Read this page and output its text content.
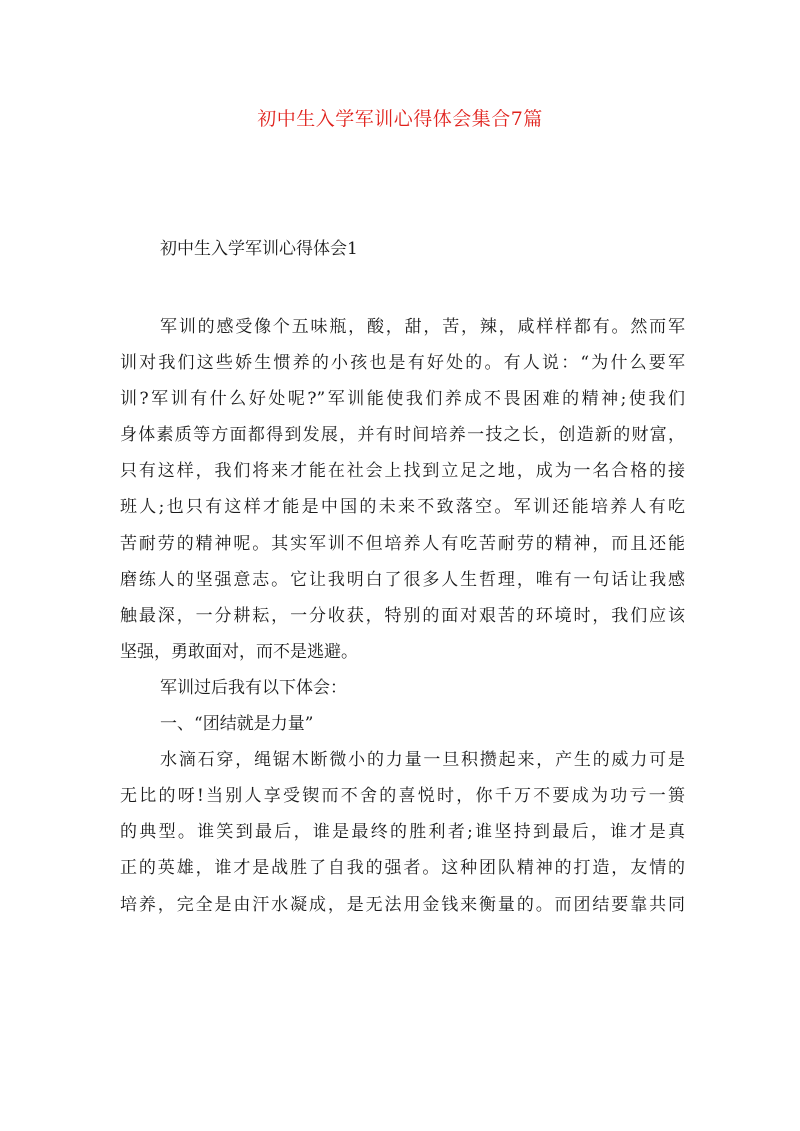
初中生入学军训心得体会集合7篇
初中生入学军训心得体会1
军训的感受像个五味瓶，酸，甜，苦，辣，咸样样都有。然而军
训对我们这些娇生惯养的小孩也是有好处的。有人说：“为什么要军
训?军训有什么好处呢?”军训能使我们养成不畏困难的精神;使我们
身体素质等方面都得到发展，并有时间培养一技之长，创造新的财富，
只有这样，我们将来才能在社会上找到立足之地，成为一名合格的接
班人;也只有这样才能是中国的未来不致落空。军训还能培养人有吃
苦耐劳的精神呢。其实军训不但培养人有吃苦耐劳的精神，而且还能
磨练人的坚强意志。它让我明白了很多人生哲理，唯有一句话让我感
触最深，一分耕耘，一分收获，特别的面对艰苦的环境时，我们应该
坚强，勇敢面对，而不是逃避。
军训过后我有以下体会：
一、“团结就是力量”
水滴石穿，绳锯木断微小的力量一旦积攒起来，产生的威力可是
无比的呀!当别人享受锲而不舍的喜悦时，你千万不要成为功亏一篑
的典型。谁笑到最后，谁是最终的胜利者;谁坚持到最后，谁才是真
正的英雄，谁才是战胜了自我的强者。这种团队精神的打造，友情的
培养，完全是由汗水凝成，是无法用金钱来衡量的。而团结要靠共同
